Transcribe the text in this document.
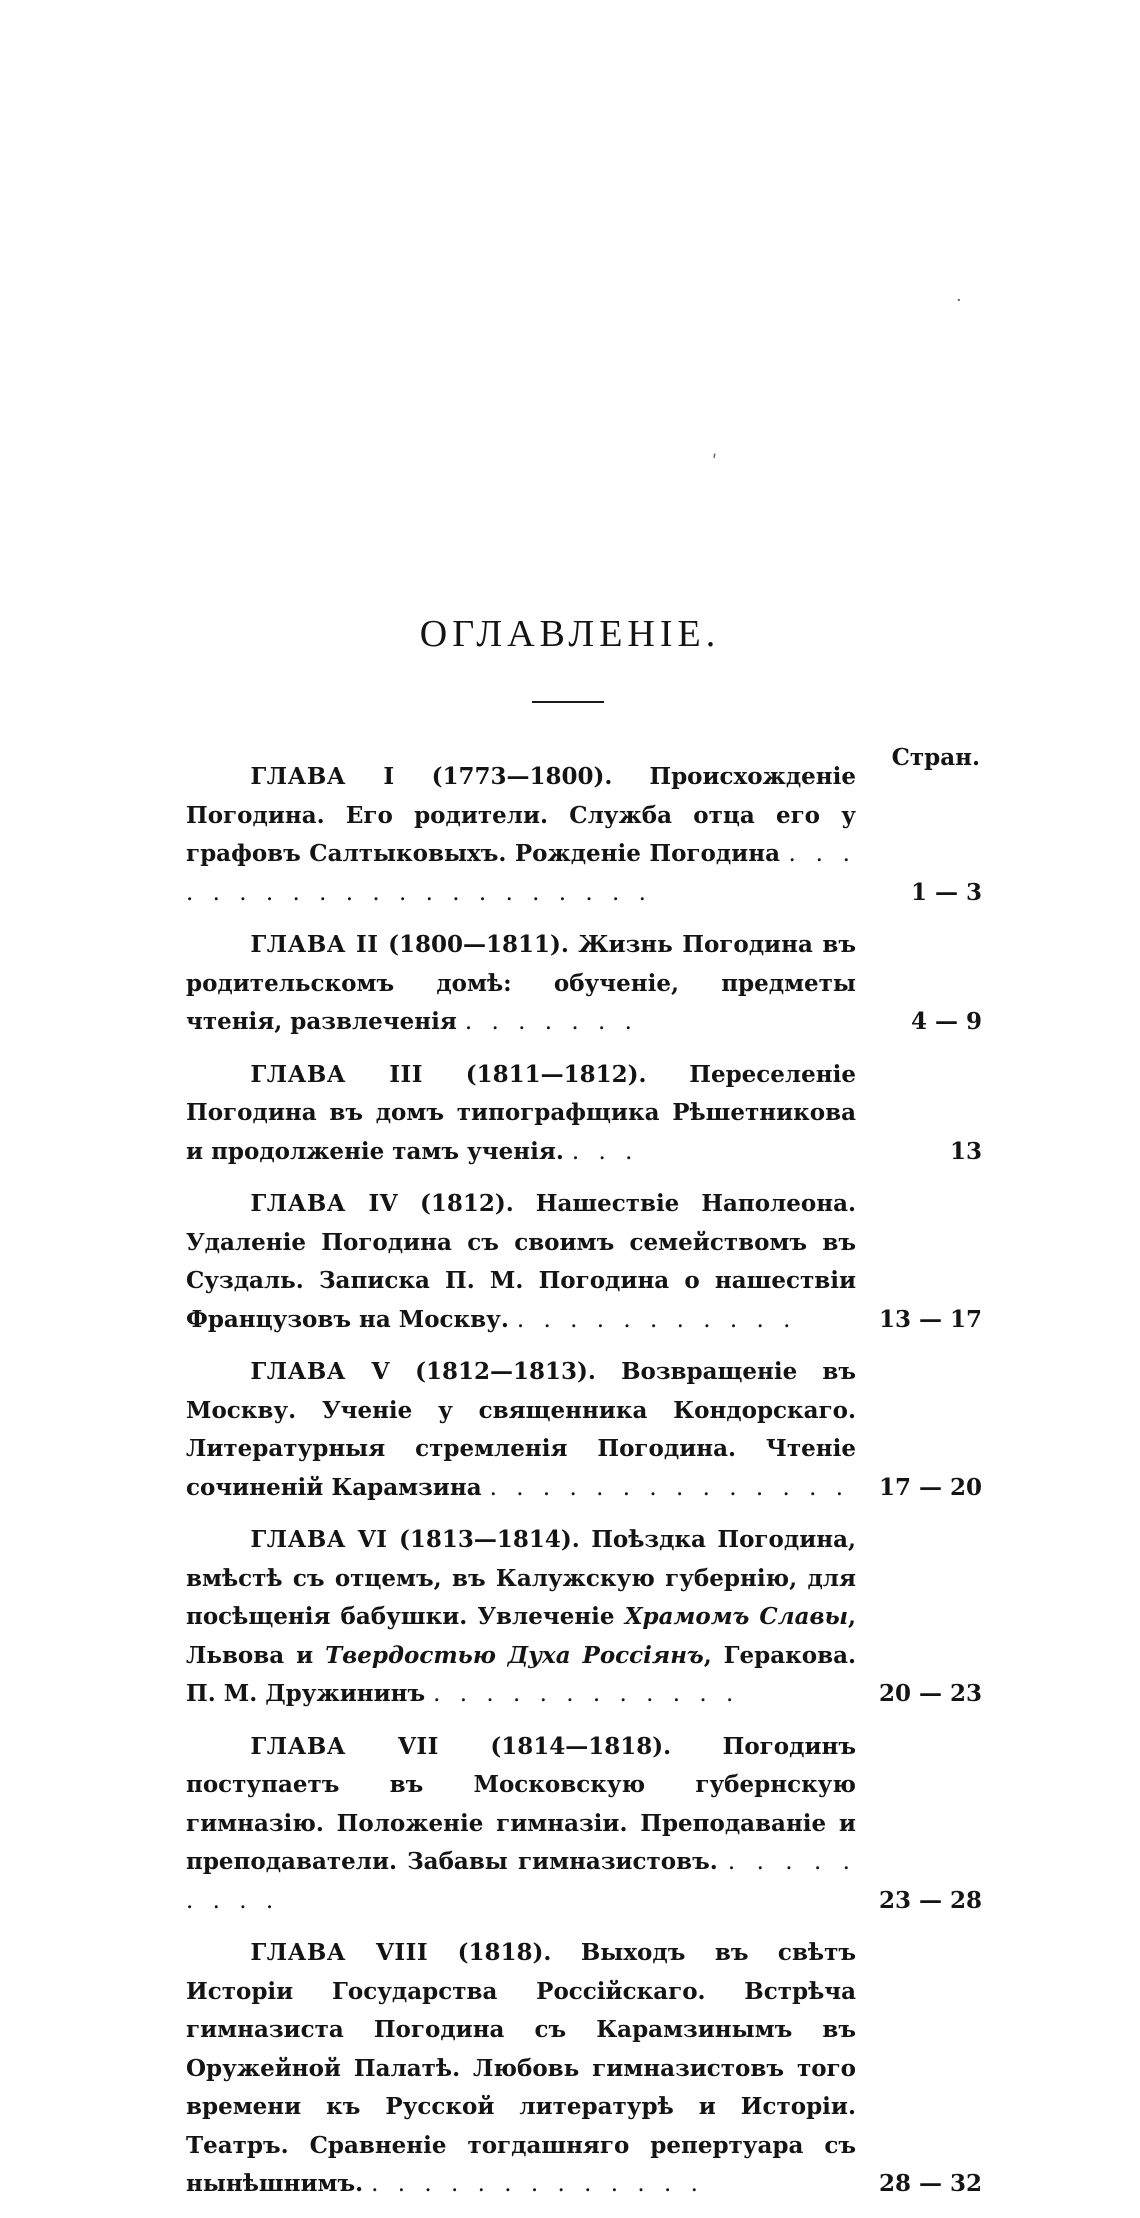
·
ʹ
ОГЛАВЛЕНІЕ.
Стран.
ГЛАВА I (1773—1800). Происхожденіе Погодина. Его родители. Служба отца его у графовъ Салтыковыхъ. Рожденіе Погодина . . . . . . . . . . . . . . . . . . . . .	1 — 3
ГЛАВА II (1800—1811). Жизнь Погодина въ родительскомъ домѣ: обученіе, предметы чтенія, развлеченія . . . . . . .	4 — 9
ГЛАВА III (1811—1812). Переселеніе Погодина въ домъ типографщика Рѣшетникова и продолженіе тамъ ученія. . . .	13
ГЛАВА IV (1812). Нашествіе Наполеона. Удаленіе Погодина съ своимъ семействомъ въ Суздаль. Записка П. М. Погодина о нашествіи Французовъ на Москву. . . . . . . . . . . .	13 — 17
ГЛАВА V (1812—1813). Возвращеніе въ Москву. Ученіе у священника Кондорскаго. Литературныя стремленія Погодина. Чтеніе сочиненій Карамзина . . . . . . . . . . . . . .	17 — 20
ГЛАВА VI (1813—1814). Поѣздка Погодина, вмѣстѣ съ отцемъ, въ Калужскую губернію, для посѣщенія бабушки. Увлеченіе Храмомъ Славы, Львова и Твердостью Духа Россіянъ, Геракова. П. М. Дружининъ . . . . . . . . . . . .	20 — 23
ГЛАВА VII (1814—1818). Погодинъ поступаетъ въ Московскую губернскую гимназію. Положеніе гимназіи. Преподаваніе и преподаватели. Забавы гимназистовъ. . . . . . . . . .	23 — 28
ГЛАВА VIII (1818). Выходъ въ свѣтъ Исторіи Государства Россійскаго. Встрѣча гимназиста Погодина съ Карамзинымъ въ Оружейной Палатѣ. Любовь гимназистовъ того времени къ Русской литературѣ и Исторіи. Театръ. Сравненіе тогдашняго репертуара съ нынѣшнимъ. . . . . . . . . . . . . .	28 — 32
